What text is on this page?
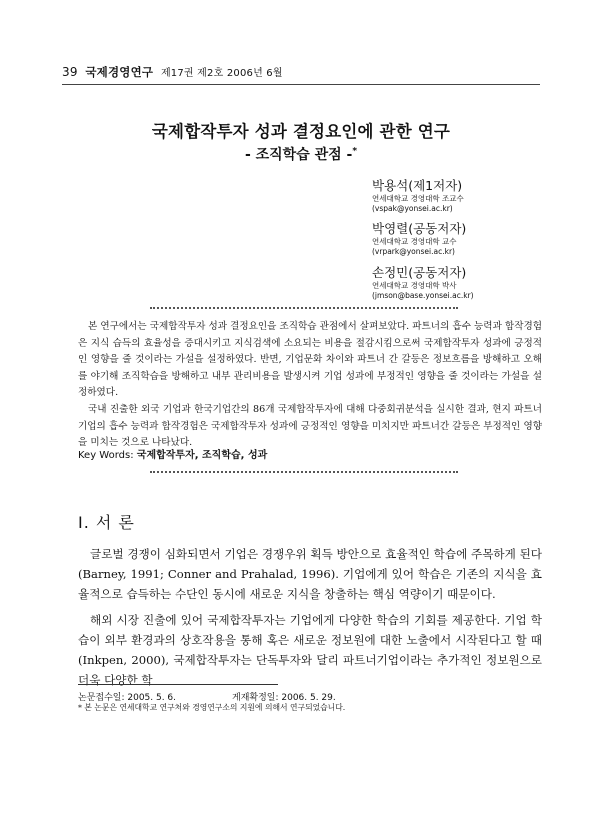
39 국제경영연구 제17권 제2호 2006년 6월
국제합작투자 성과 결정요인에 관한 연구
- 조직학습 관점 -*
박용석(제1저자)
연세대학교 경영대학 조교수
(vspak@yonsei.ac.kr)
박영렬(공동저자)
연세대학교 경영대학 교수
(vrpark@yonsei.ac.kr)
손정민(공동저자)
연세대학교 경영대학 박사
(jmson@base.yonsei.ac.kr)

본 연구에서는 국제합작투자 성과 결정요인을 조직학습 관점에서 살펴보았다. 파트너의 흡수 능력과 합작경험은 지식 습득의 효율성을 증대시키고 지식검색에 소요되는 비용을 절감시킴으로써 국제합작투자 성과에 긍정적인 영향을 줄 것이라는 가설을 설정하였다. 반면, 기업문화 차이와 파트너 간 갈등은 정보흐름을 방해하고 오해를 야기해 조직학습을 방해하고 내부 관리비용을 발생시켜 기업 성과에 부정적인 영향을 줄 것이라는 가설을 설정하였다.

국내 진출한 외국 기업과 한국기업간의 86개 국제합작투자에 대해 다중회귀분석을 실시한 결과, 현지 파트너기업의 흡수 능력과 합작경험은 국제합작투자 성과에 긍정적인 영향을 미치지만 파트너간 갈등은 부정적인 영향을 미치는 것으로 나타났다.

Key Words: 국제합작투자, 조직학습, 성과
Ⅰ. 서 론

글로벌 경쟁이 심화되면서 기업은 경쟁우위 획득 방안으로 효율적인 학습에 주목하게 된다(Barney, 1991; Conner and Prahalad, 1996). 기업에게 있어 학습은 기존의 지식을 효율적으로 습득하는 수단인 동시에 새로운 지식을 창출하는 핵심 역량이기 때문이다.

해외 시장 진출에 있어 국제합작투자는 기업에게 다양한 학습의 기회를 제공한다. 기업 학습이 외부 환경과의 상호작용을 통해 혹은 새로운 정보원에 대한 노출에서 시작된다고 할 때(Inkpen, 2000), 국제합작투자는 단독투자와 달리 파트너기업이라는 추가적인 정보원으로 더욱 다양한 학

논문접수일: 2005. 5. 6.	게재확정일: 2006. 5. 29.
* 본 논문은 연세대학교 연구처와 경영연구소의 지원에 의해서 연구되었습니다.
